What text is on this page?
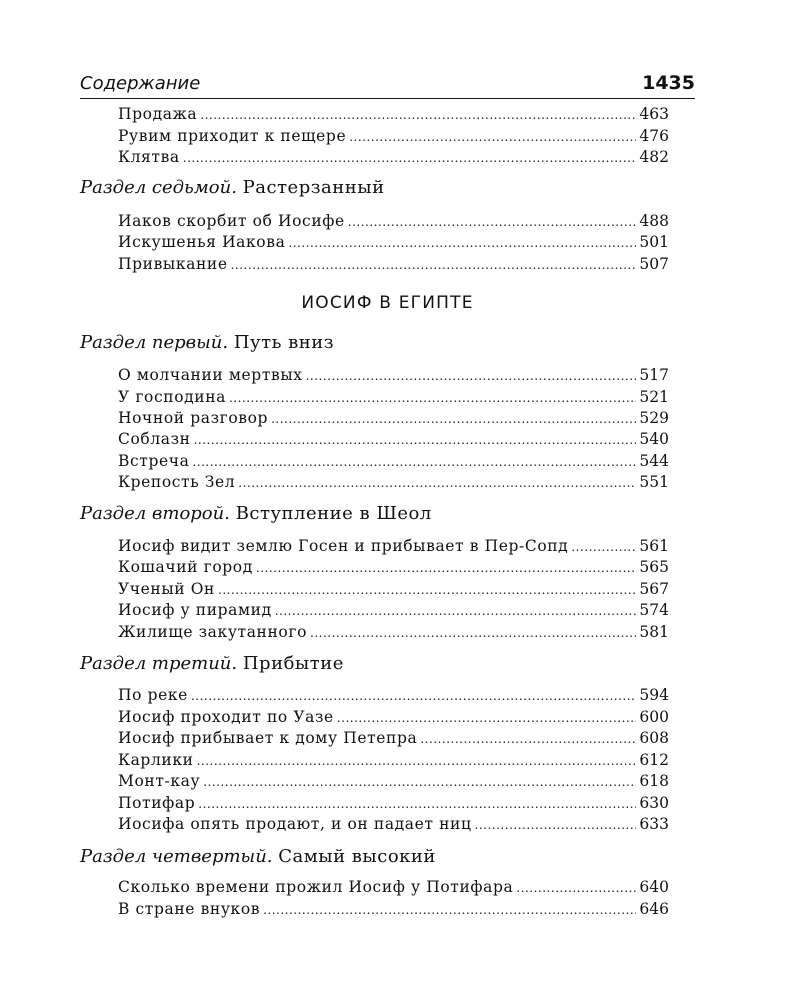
Содержание	1435
Продажа .....	463
Рувим приходит к пещере .....	476
Клятва .....	482
Раздел седьмой. Растерзанный
Иаков скорбит об Иосифе .....	488
Искушенья Иакова .....	501
Привыкание .....	507
ИОСИФ В ЕГИПТЕ
Раздел первый. Путь вниз
О молчании мертвых .....	517
У господина .....	521
Ночной разговор .....	529
Соблазн .....	540
Встреча .....	544
Крепость Зел .....	551
Раздел второй. Вступление в Шеол
Иосиф видит землю Госен и прибывает в Пер-Сопд .....	561
Кошачий город .....	565
Ученый Он .....	567
Иосиф у пирамид .....	574
Жилище закутанного .....	581
Раздел третий. Прибытие
По реке .....	594
Иосиф проходит по Уазе .....	600
Иосиф прибывает к дому Петепра .....	608
Карлики .....	612
Монт-кау .....	618
Потифар .....	630
Иосифа опять продают, и он падает ниц .....	633
Раздел четвертый. Самый высокий
Сколько времени прожил Иосиф у Потифара .....	640
В стране внуков .....	646
